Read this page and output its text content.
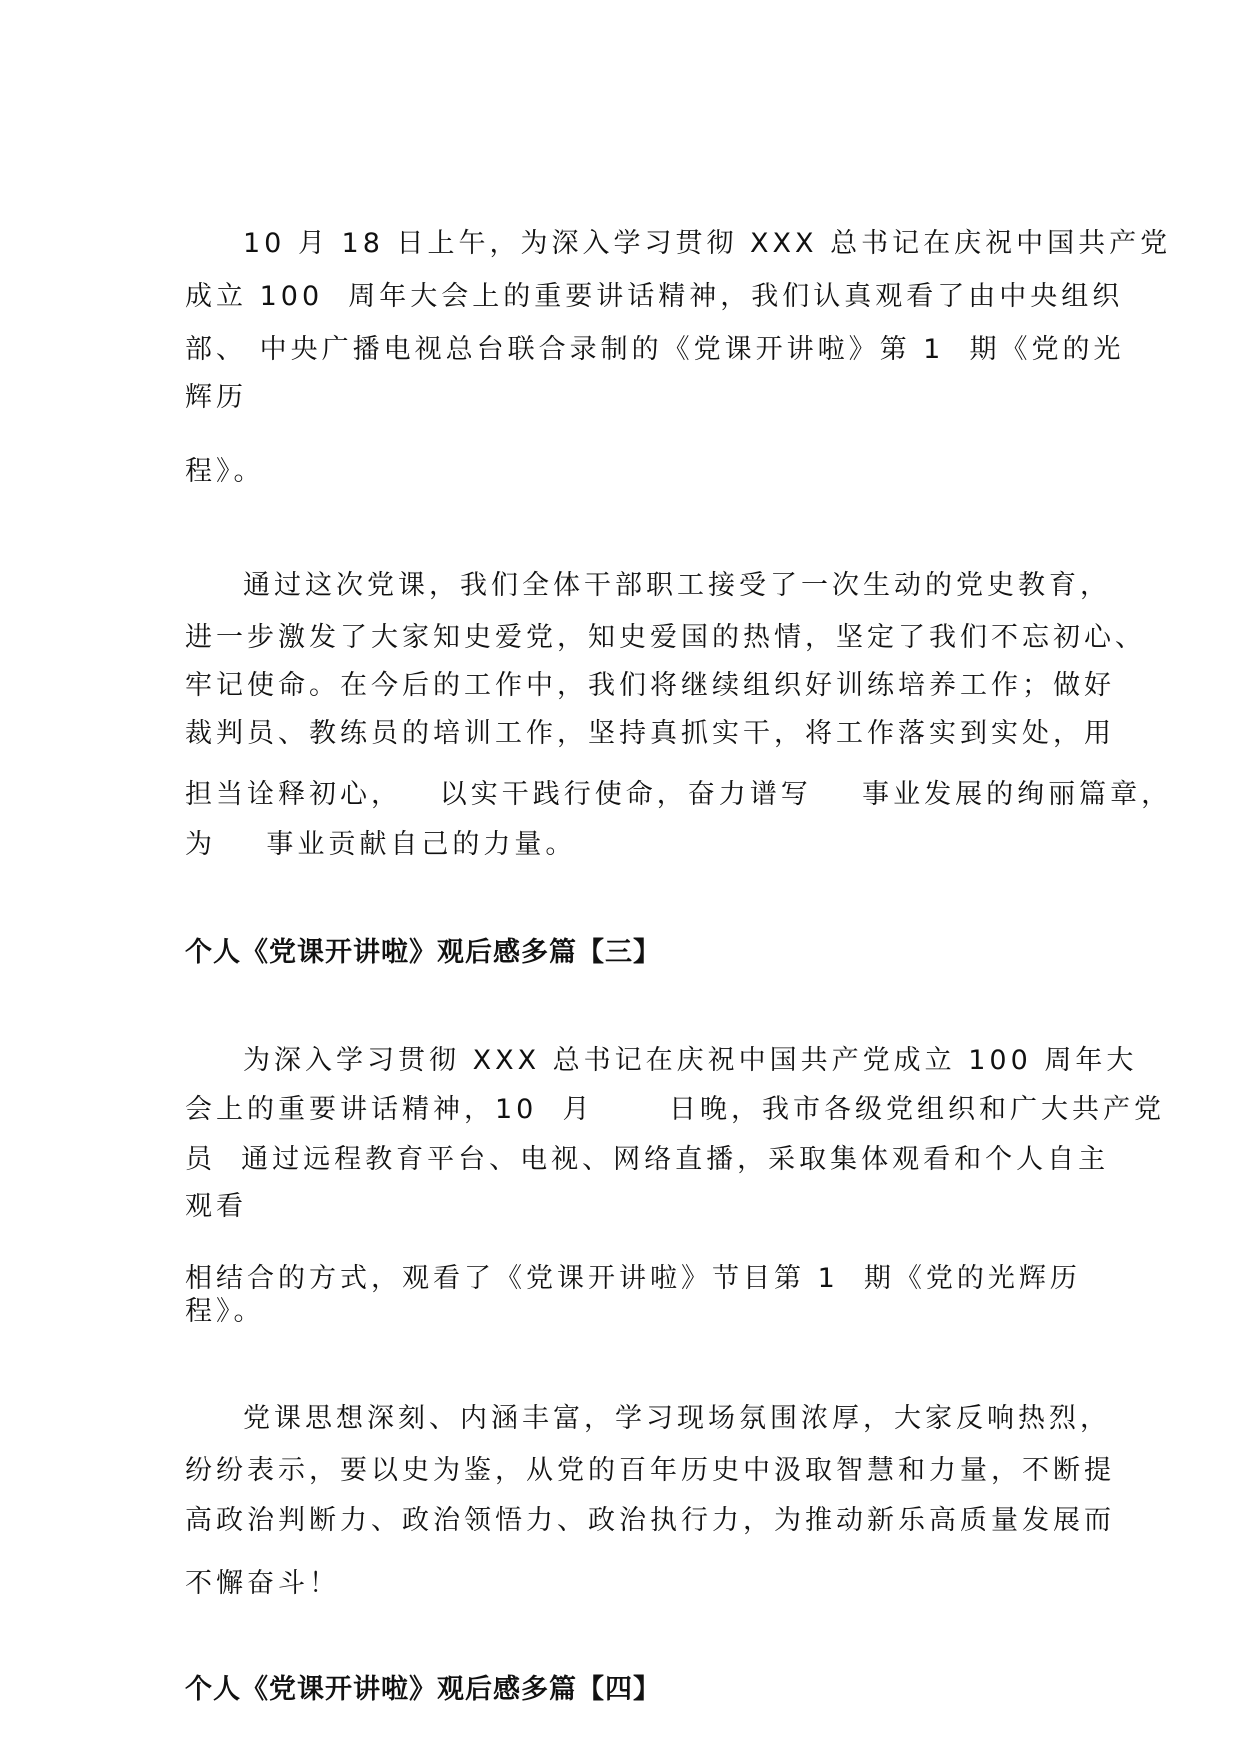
10 月 18 日上午，为深入学习贯彻 XXX 总书记在庆祝中国共产党
成立 100  周年大会上的重要讲话精神，我们认真观看了由中央组织
部、 中央广播电视总台联合录制的《党课开讲啦》第 1  期《党的光
辉历
程》。
通过这次党课，我们全体干部职工接受了一次生动的党史教育，
进一步激发了大家知史爱党，知史爱国的热情，坚定了我们不忘初心、
牢记使命。在今后的工作中，我们将继续组织好训练培养工作；做好
裁判员、教练员的培训工作，坚持真抓实干，将工作落实到实处，用
担当诠释初心，   以实干践行使命，奋力谱写    事业发展的绚丽篇章，
为    事业贡献自己的力量。
个人《党课开讲啦》观后感多篇【三】
为深入学习贯彻 XXX 总书记在庆祝中国共产党成立 100 周年大
会上的重要讲话精神，10  月      日晚，我市各级党组织和广大共产党
员  通过远程教育平台、电视、网络直播，采取集体观看和个人自主
观看
相结合的方式，观看了《党课开讲啦》节目第 1  期《党的光辉历
程》。
党课思想深刻、内涵丰富，学习现场氛围浓厚，大家反响热烈，
纷纷表示，要以史为鉴，从党的百年历史中汲取智慧和力量，不断提
高政治判断力、政治领悟力、政治执行力，为推动新乐高质量发展而
不懈奋斗！
个人《党课开讲啦》观后感多篇【四】
